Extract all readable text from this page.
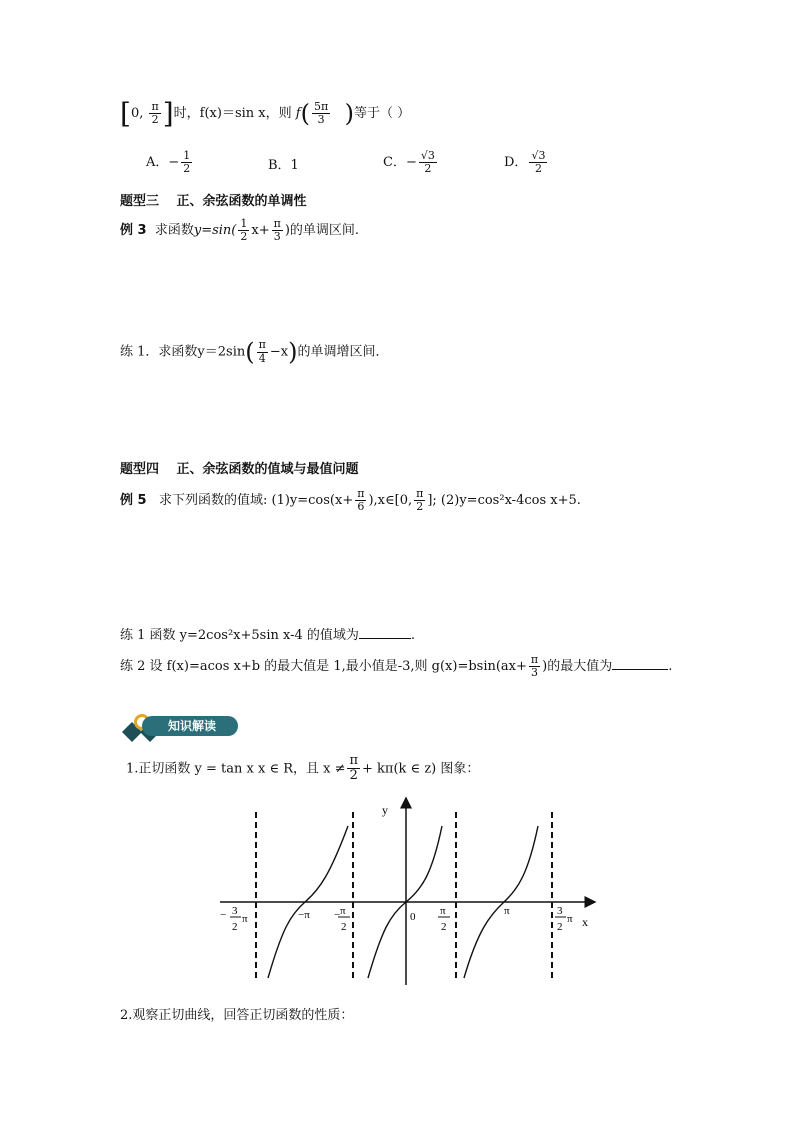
[0, $\frac{\pi}{2}$ ]时，f(x)＝sin x，则 $f( \frac{5\pi}{3}$ )等于（ ）
A．− $\frac{1}{2}$	B．1	C．− $\frac{√3}{2}$	D． $\frac{√3}{2}$
题型三　 正、余弦函数的单调性
例 3 求函数$y=\sin( \frac{1}{2} x+ \frac{\pi}{3}$ )的单调区间.
练 1．求函数$y=2\sin( \frac{\pi}{4} -x)$的单调增区间．
题型四　 正、余弦函数的值域与最值问题
例 5 求下列函数的值域: $(1)y=\cos(x+ \frac{\pi}{6}$ ),x∈[0, $\frac{\pi}{2}$ ]; (2)y=cos²x-4cos x+5.
练 1 函数 y=2cos²x+5sin x-4 的值域为	.
练 2 设 f(x)=acos x+b 的最大值是 1,最小值是-3,则 $g(x)=bsin(ax+ \frac{\pi}{3}$ )的最大值为	.
知识解读
1.正切函数 y = tan x x ∈ R，且 $x \ne \frac{\pi}{2} + k\pi(k$ ∈ z) 图象：
y
x
0
− 3
2
π	−π − π
2
π
2
π	3
2
π
2.观察正切曲线，回答正切函数的性质：
